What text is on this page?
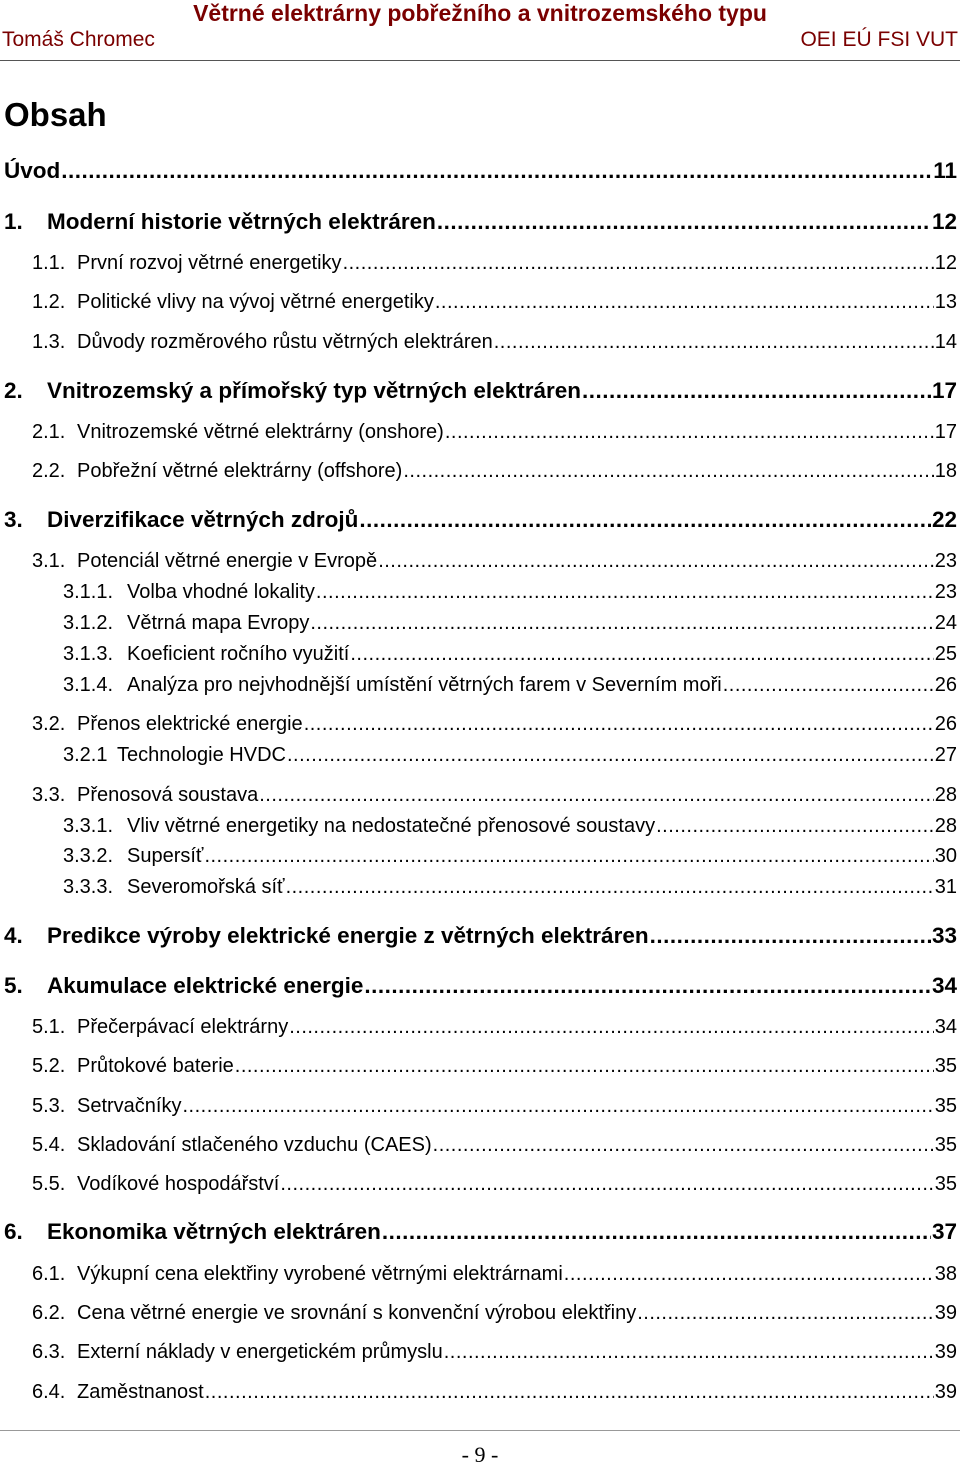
Větrné elektrárny pobřežního a vnitrozemského typu
Tomáš Chromec	OEI EÚ FSI VUT
Obsah
Úvod .....	11
1.	Moderní historie větrných elektráren .....	12
1.1. První rozvoj větrné energetiky .....	12
1.2. Politické vlivy na vývoj větrné energetiky .....	13
1.3. Důvody rozměrového růstu větrných elektráren .....	14
2.	Vnitrozemský a přímořský typ větrných elektráren .....	17
2.1. Vnitrozemské větrné elektrárny (onshore) .....	17
2.2. Pobřežní větrné elektrárny (offshore) .....	18
3.	Diverzifikace větrných zdrojů .....	22
3.1. Potenciál větrné energie v Evropě .....	23
3.1.1. Volba vhodné lokality .....	23
3.1.2. Větrná mapa Evropy .....	24
3.1.3. Koeficient ročního využití .....	25
3.1.4. Analýza pro nejvhodnější umístění větrných farem v Severním moři .....	26
3.2. Přenos elektrické energie .....	26
3.2.1 Technologie HVDC .....	27
3.3. Přenosová soustava .....	28
3.3.1. Vliv větrné energetiky na nedostatečné přenosové soustavy .....	28
3.3.2. Supersíť .....	30
3.3.3. Severomořská síť .....	31
4.	Predikce výroby elektrické energie z větrných elektráren .....	33
5.	Akumulace elektrické energie .....	34
5.1. Přečerpávací elektrárny .....	34
5.2. Průtokové baterie .....	35
5.3. Setrvačníky .....	35
5.4. Skladování stlačeného vzduchu (CAES) .....	35
5.5. Vodíkové hospodářství .....	35
6.	Ekonomika větrných elektráren .....	37
6.1. Výkupní cena elektřiny vyrobené větrnými elektrárnami .....	38
6.2. Cena větrné energie ve srovnání s konvenční výrobou elektřiny .....	39
6.3. Externí náklady v energetickém průmyslu .....	39
6.4. Zaměstnanost .....	39
- 9 -
